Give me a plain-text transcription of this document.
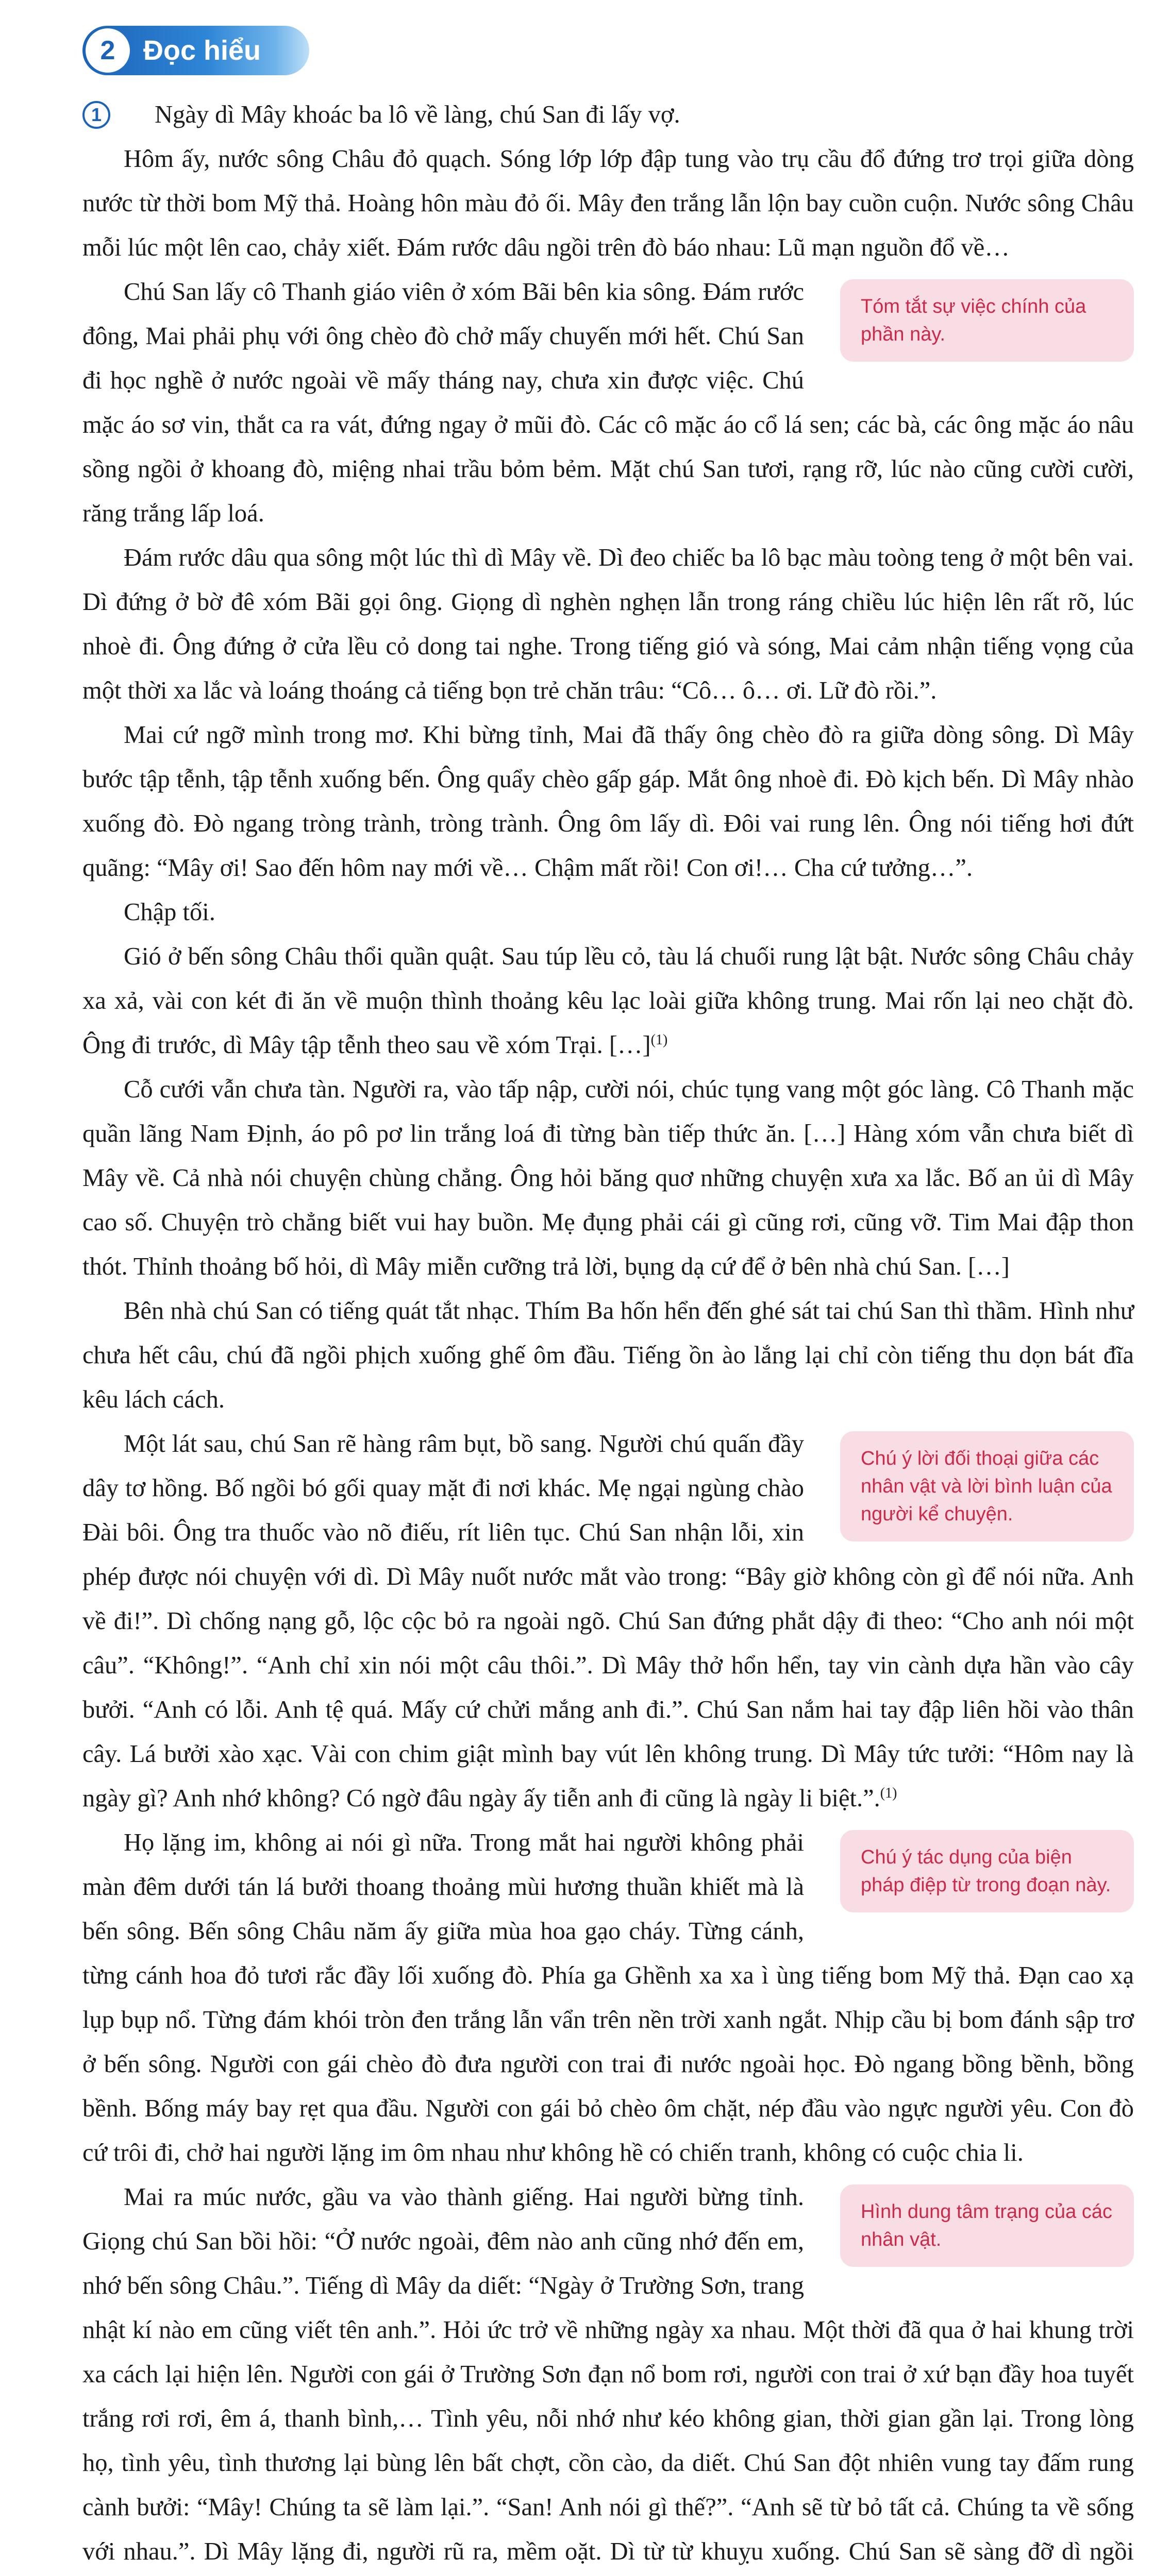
2	Đọc hiểu

1	Ngày dì Mây khoác ba lô về làng, chú San đi lấy vợ.

Hôm ấy, nước sông Châu đỏ quạch. Sóng lớp lớp đập tung vào trụ cầu đổ đứng trơ trọi giữa dòng nước từ thời bom Mỹ thả. Hoàng hôn màu đỏ ối. Mây đen trắng lẫn lộn bay cuồn cuộn. Nước sông Châu mỗi lúc một lên cao, chảy xiết. Đám rước dâu ngồi trên đò báo nhau: Lũ mạn nguồn đổ về…

Tóm tắt sự việc chính của phần này.

Chú San lấy cô Thanh giáo viên ở xóm Bãi bên kia sông. Đám rước đông, Mai phải phụ với ông chèo đò chở mấy chuyến mới hết. Chú San đi học nghề ở nước ngoài về mấy tháng nay, chưa xin được việc. Chú mặc áo sơ vin, thắt ca ra vát, đứng ngay ở mũi đò. Các cô mặc áo cổ lá sen; các bà, các ông mặc áo nâu sồng ngồi ở khoang đò, miệng nhai trầu bỏm bẻm. Mặt chú San tươi, rạng rỡ, lúc nào cũng cười cười, răng trắng lấp loá.

Đám rước dâu qua sông một lúc thì dì Mây về. Dì đeo chiếc ba lô bạc màu toòng teng ở một bên vai. Dì đứng ở bờ đê xóm Bãi gọi ông. Giọng dì nghèn nghẹn lẫn trong ráng chiều lúc hiện lên rất rõ, lúc nhoè đi. Ông đứng ở cửa lều cỏ dong tai nghe. Trong tiếng gió và sóng, Mai cảm nhận tiếng vọng của một thời xa lắc và loáng thoáng cả tiếng bọn trẻ chăn trâu: “Cô… ô… ơi. Lữ đò rồi.”.

Mai cứ ngỡ mình trong mơ. Khi bừng tỉnh, Mai đã thấy ông chèo đò ra giữa dòng sông. Dì Mây bước tập tễnh, tập tễnh xuống bến. Ông quẩy chèo gấp gáp. Mắt ông nhoè đi. Đò kịch bến. Dì Mây nhào xuống đò. Đò ngang tròng trành, tròng trành. Ông ôm lấy dì. Đôi vai rung lên. Ông nói tiếng hơi đứt quãng: “Mây ơi! Sao đến hôm nay mới về… Chậm mất rồi! Con ơi!… Cha cứ tưởng…”.

Chập tối.

Gió ở bến sông Châu thổi quần quật. Sau túp lều cỏ, tàu lá chuối rung lật bật. Nước sông Châu chảy xa xả, vài con két đi ăn về muộn thình thoảng kêu lạc loài giữa không trung. Mai rốn lại neo chặt đò. Ông đi trước, dì Mây tập tễnh theo sau về xóm Trại. […]$^{(1)}$

Cỗ cưới vẫn chưa tàn. Người ra, vào tấp nập, cười nói, chúc tụng vang một góc làng. Cô Thanh mặc quần lãng Nam Định, áo pô pơ lin trắng loá đi từng bàn tiếp thức ăn. […] Hàng xóm vẫn chưa biết dì Mây về. Cả nhà nói chuyện chùng chẳng. Ông hỏi băng quơ những chuyện xưa xa lắc. Bố an ủi dì Mây cao số. Chuyện trò chẳng biết vui hay buồn. Mẹ đụng phải cái gì cũng rơi, cũng vỡ. Tim Mai đập thon thót. Thỉnh thoảng bố hỏi, dì Mây miễn cưỡng trả lời, bụng dạ cứ để ở bên nhà chú San. […]

Bên nhà chú San có tiếng quát tắt nhạc. Thím Ba hốn hển đến ghé sát tai chú San thì thầm. Hình như chưa hết câu, chú đã ngồi phịch xuống ghế ôm đầu. Tiếng ồn ào lắng lại chỉ còn tiếng thu dọn bát đĩa kêu lách cách.

Chú ý lời đối thoại giữa các nhân vật và lời bình luận của người kể chuyện.

Một lát sau, chú San rẽ hàng râm bụt, bồ sang. Người chú quấn đầy dây tơ hồng. Bố ngồi bó gối quay mặt đi nơi khác. Mẹ ngại ngùng chào Đài bôi. Ông tra thuốc vào nõ điếu, rít liên tục. Chú San nhận lỗi, xin phép được nói chuyện với dì. Dì Mây nuốt nước mắt vào trong: “Bây giờ không còn gì để nói nữa. Anh về đi!”. Dì chống nạng gỗ, lộc cộc bỏ ra ngoài ngõ. Chú San đứng phắt dậy đi theo: “Cho anh nói một câu”. “Không!”. “Anh chỉ xin nói một câu thôi.”. Dì Mây thở hổn hển, tay vin cành dựa hần vào cây bưởi. “Anh có lỗi. Anh tệ quá. Mấy cứ chửi mắng anh đi.”. Chú San nắm hai tay đập liên hồi vào thân cây. Lá bưởi xào xạc. Vài con chim giật mình bay vút lên không trung. Dì Mây tức tưởi: “Hôm nay là ngày gì? Anh nhớ không? Có ngờ đâu ngày ấy tiễn anh đi cũng là ngày li biệt.”.$^{(1)}$

Chú ý tác dụng của biện pháp điệp từ trong đoạn này.

Họ lặng im, không ai nói gì nữa. Trong mắt hai người không phải màn đêm dưới tán lá bưởi thoang thoảng mùi hương thuần khiết mà là bến sông. Bến sông Châu năm ấy giữa mùa hoa gạo cháy. Từng cánh, từng cánh hoa đỏ tươi rắc đầy lối xuống đò. Phía ga Ghềnh xa xa ì ùng tiếng bom Mỹ thả. Đạn cao xạ lụp bụp nổ. Từng đám khói tròn đen trắng lẫn vẩn trên nền trời xanh ngắt. Nhịp cầu bị bom đánh sập trơ ở bến sông. Người con gái chèo đò đưa người con trai đi nước ngoài học. Đò ngang bồng bềnh, bồng bềnh. Bống máy bay rẹt qua đầu. Người con gái bỏ chèo ôm chặt, nép đầu vào ngực người yêu. Con đò cứ trôi đi, chở hai người lặng im ôm nhau như không hề có chiến tranh, không có cuộc chia li.

Hình dung tâm trạng của các nhân vật.

Mai ra múc nước, gầu va vào thành giếng. Hai người bừng tỉnh. Giọng chú San bồi hồi: “Ở nước ngoài, đêm nào anh cũng nhớ đến em, nhớ bến sông Châu.”. Tiếng dì Mây da diết: “Ngày ở Trường Sơn, trang nhật kí nào em cũng viết tên anh.”. Hỏi ức trở về những ngày xa nhau. Một thời đã qua ở hai khung trời xa cách lại hiện lên. Người con gái ở Trường Sơn đạn nổ bom rơi, người con trai ở xứ bạn đầy hoa tuyết trắng rơi rơi, êm á, thanh bình,… Tình yêu, nỗi nhớ như kéo không gian, thời gian gần lại. Trong lòng họ, tình yêu, tình thương lại bùng lên bất chợt, cồn cào, da diết. Chú San đột nhiên vung tay đấm rung cành bưởi: “Mây! Chúng ta sẽ làm lại.”. “San! Anh nói gì thế?”. “Anh sẽ từ bỏ tất cả. Chúng ta về sống với nhau.”. Dì Mây lặng đi, người rũ ra, mềm oặt. Dì từ từ khuỵu xuống. Chú San sẽ sàng đỡ dì ngồi
